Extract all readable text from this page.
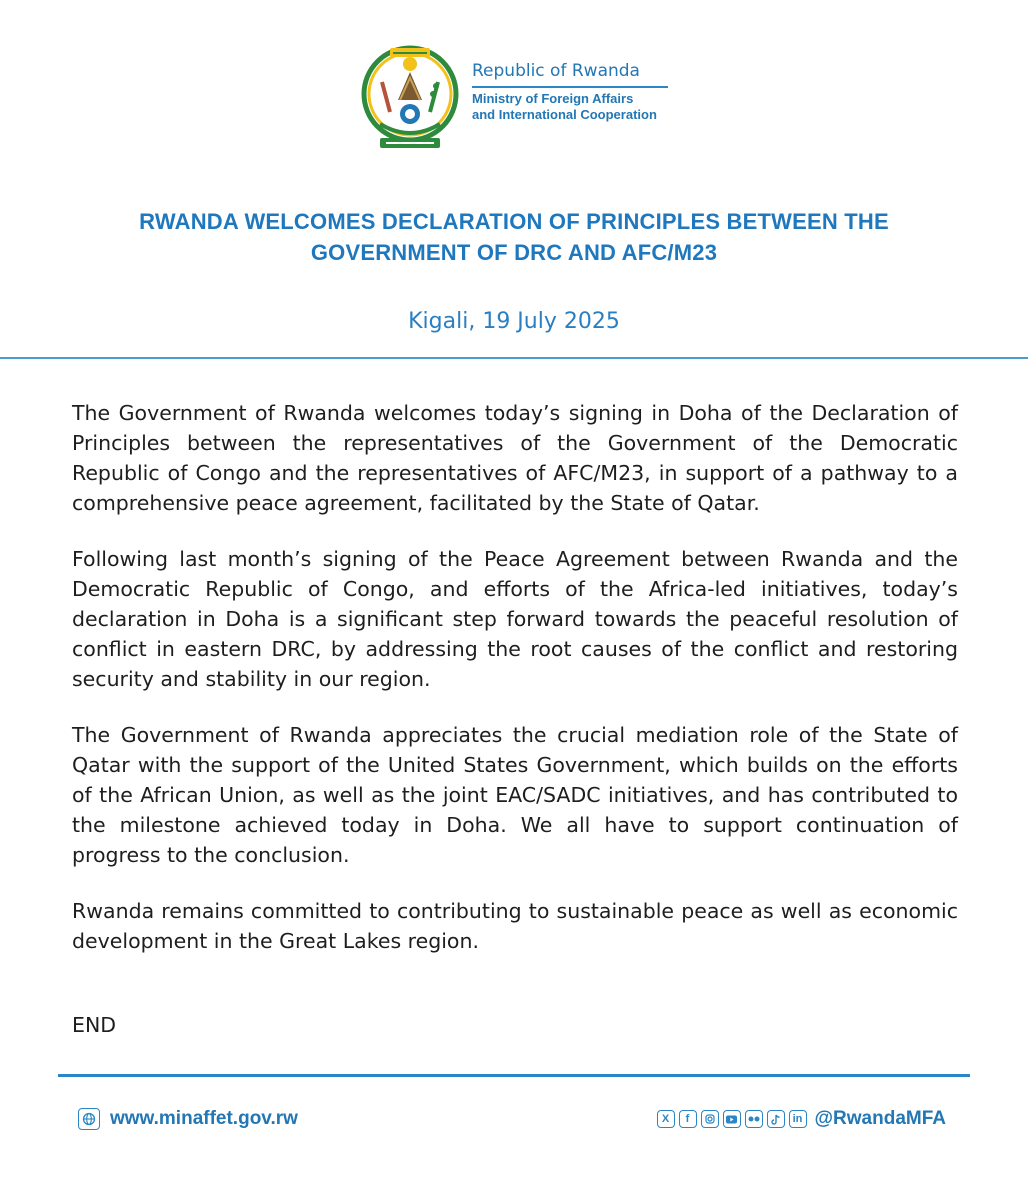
Republic of Rwanda
Ministry of Foreign Affairs
and International Cooperation
RWANDA WELCOMES DECLARATION OF PRINCIPLES BETWEEN THE
GOVERNMENT OF DRC AND AFC/M23
Kigali, 19 July 2025

The Government of Rwanda welcomes today’s signing in Doha of the Declaration of Principles between the representatives of the Government of the Democratic Republic of Congo and the representatives of AFC/M23, in support of a pathway to a comprehensive peace agreement, facilitated by the State of Qatar.

Following last month’s signing of the Peace Agreement between Rwanda and the Democratic Republic of Congo, and efforts of the Africa-led initiatives, today’s declaration in Doha is a significant step forward towards the peaceful resolution of conflict in eastern DRC, by addressing the root causes of the conflict and restoring security and stability in our region.

The Government of Rwanda appreciates the crucial mediation role of the State of Qatar with the support of the United States Government, which builds on the efforts of the African Union, as well as the joint EAC/SADC initiatives, and has contributed to the milestone achieved today in Doha. We all have to support continuation of progress to the conclusion.

Rwanda remains committed to contributing to sustainable peace as well as economic development in the Great Lakes region.

END
www.minaffet.gov.rw	X	f	in @RwandaMFA
